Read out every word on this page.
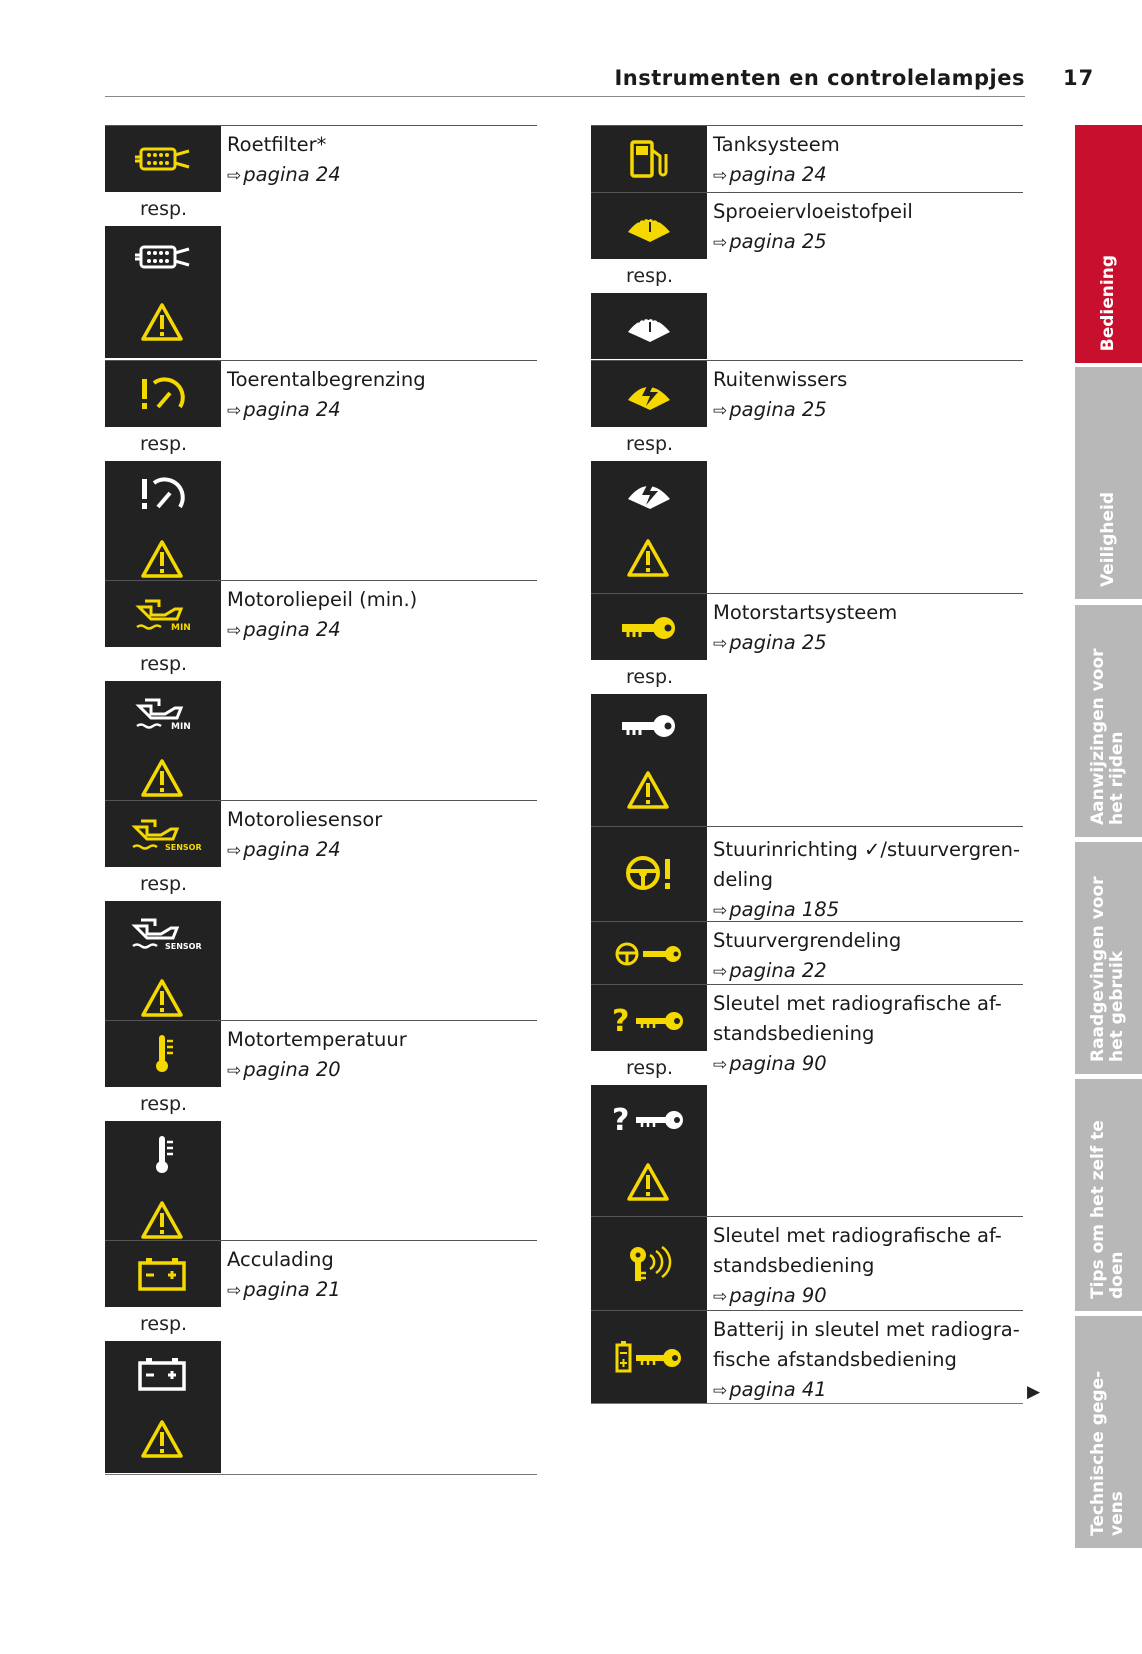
Instrumenten en controlelampjes 17
resp.
Roetfilter*
⇨ pagina 24
resp.
Toerentalbegrenzing
⇨ pagina 24
MIN
resp.
MIN
Motoroliepeil (min.)
⇨ pagina 24
SENSOR
resp.
SENSOR
Motoroliesensor
⇨ pagina 24
resp.
Motortemperatuur
⇨ pagina 20
resp.
Acculading
⇨ pagina 21
Tanksysteem
⇨ pagina 24
resp.
Sproeiervloeistofpeil
⇨ pagina 25
resp.
Ruitenwissers
⇨ pagina 25
resp.
Motorstartsysteem
⇨ pagina 25
Stuurinrichting ✓/stuurvergren-
deling
⇨ pagina 185
Stuurvergrendeling
⇨ pagina 22
resp.
Sleutel met radiografische af-
standsbediening
⇨ pagina 90
Sleutel met radiografische af-
standsbediening
⇨ pagina 90
Batterij in sleutel met radiogra-
fische afstandsbediening
⇨ pagina 41	▶
Bediening
Veiligheid
Aanwijzingen voor het rijden
Raadgevingen voor het gebruik
Tips om het zelf te doen
Technische gege- vens
